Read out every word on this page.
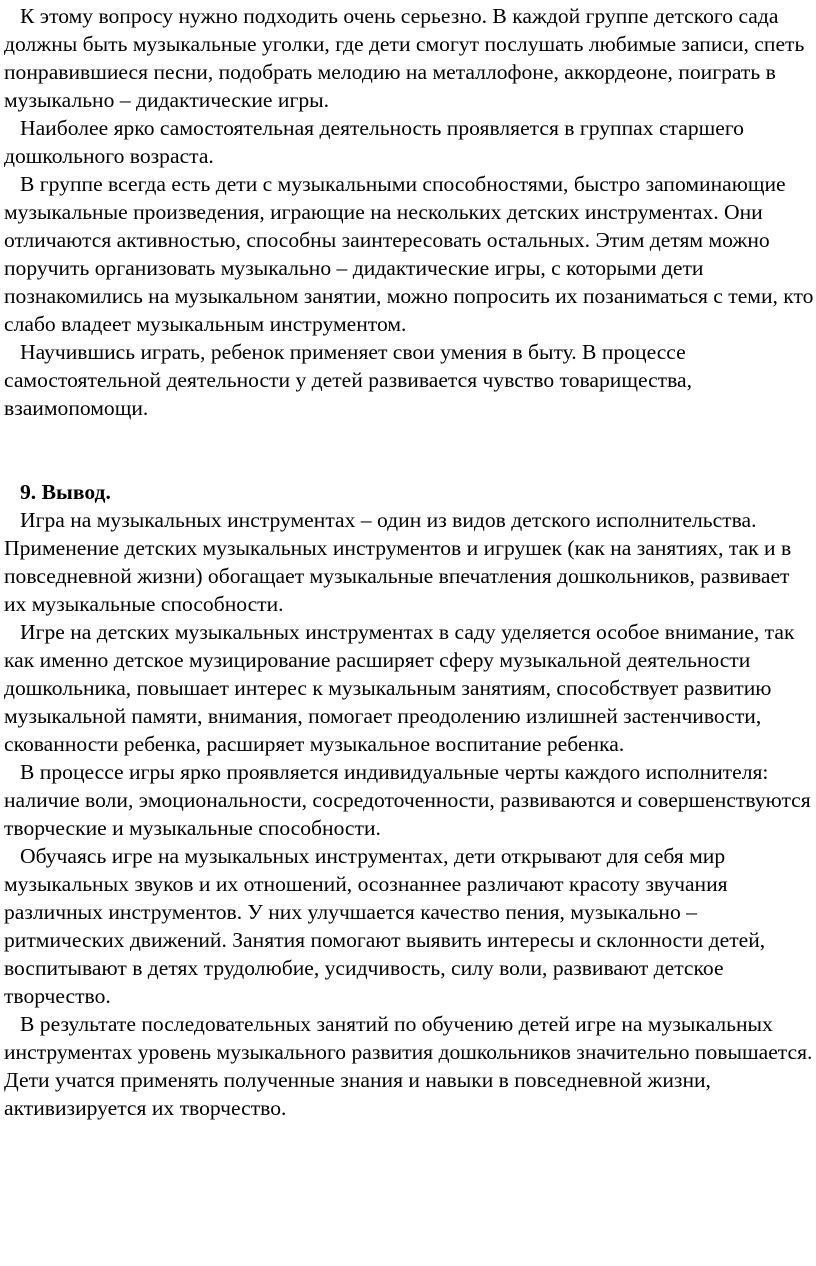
К этому вопросу нужно подходить очень серьезно. В каждой группе детского сада должны быть музыкальные уголки, где дети смогут послушать любимые записи, спеть понравившиеся песни, подобрать мелодию на металлофоне, аккордеоне, поиграть в музыкально – дидактические игры.

Наиболее ярко самостоятельная деятельность проявляется в группах старшего дошкольного возраста.

В группе всегда есть дети с музыкальными способностями, быстро запоминающие музыкальные произведения, играющие на нескольких детских инструментах. Они отличаются активностью, способны заинтересовать остальных. Этим детям можно поручить организовать музыкально – дидактические игры, с которыми дети познакомились на музыкальном занятии, можно попросить их позаниматься с теми, кто слабо владеет музыкальным инструментом.

Научившись играть, ребенок применяет свои умения в быту. В процессе самостоятельной деятельности у детей развивается чувство товарищества, взаимопомощи.

9. Вывод.

Игра на музыкальных инструментах – один из видов детского исполнительства. Применение детских музыкальных инструментов и игрушек (как на занятиях, так и в повседневной жизни) обогащает музыкальные впечатления дошкольников, развивает их музыкальные способности.

Игре на детских музыкальных инструментах в саду уделяется особое внимание, так как именно детское музицирование расширяет сферу музыкальной деятельности дошкольника, повышает интерес к музыкальным занятиям, способствует развитию музыкальной памяти, внимания, помогает преодолению излишней застенчивости, скованности ребенка, расширяет музыкальное воспитание ребенка.

В процессе игры ярко проявляется индивидуальные черты каждого исполнителя: наличие воли, эмоциональности, сосредоточенности, развиваются и совершенствуются творческие и музыкальные способности.

Обучаясь игре на музыкальных инструментах, дети открывают для себя мир музыкальных звуков и их отношений, осознаннее различают красоту звучания различных инструментов. У них улучшается качество пения, музыкально – ритмических движений. Занятия помогают выявить интересы и склонности детей, воспитывают в детях трудолюбие, усидчивость, силу воли, развивают детское творчество.

В результате последовательных занятий по обучению детей игре на музыкальных инструментах уровень музыкального развития дошкольников значительно повышается. Дети учатся применять полученные знания и навыки в повседневной жизни, активизируется их творчество.
